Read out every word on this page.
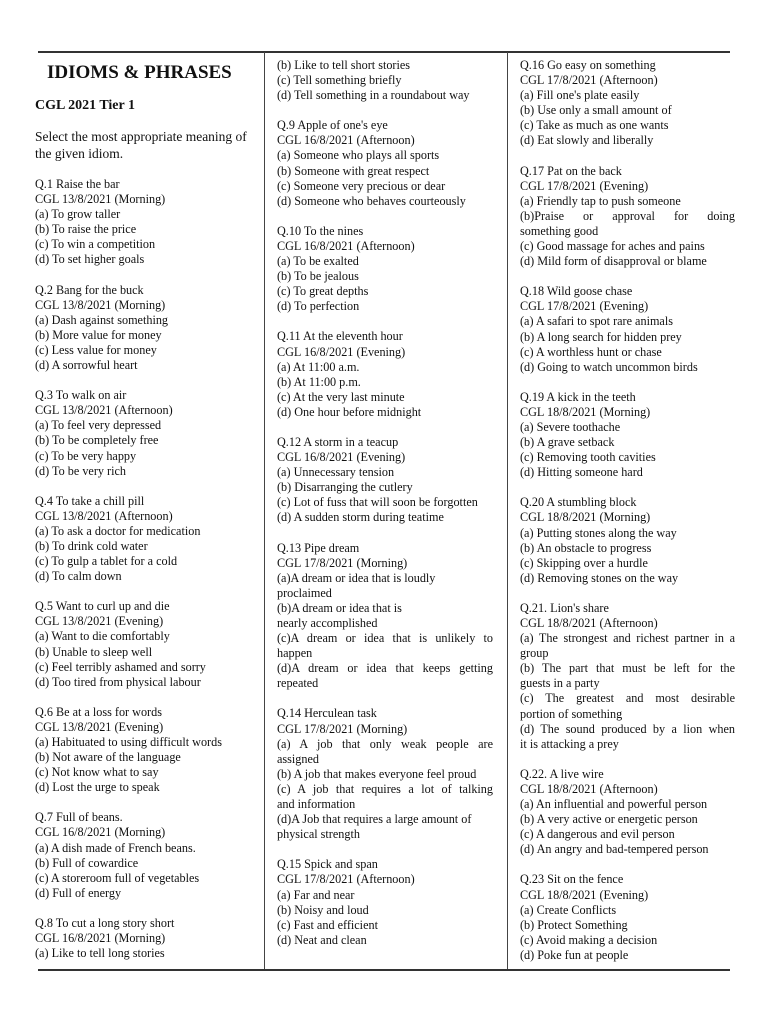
IDIOMS & PHRASES
CGL 2021 Tier 1
Select the most appropriate meaning of the given idiom.
Q.1 Raise the bar
CGL 13/8/2021 (Morning)
(a) To grow taller
(b) To raise the price
(c) To win a competition
(d) To set higher goals
Q.2 Bang for the buck
CGL 13/8/2021 (Morning)
(a) Dash against something
(b) More value for money
(c) Less value for money
(d) A sorrowful heart
Q.3 To walk on air
CGL 13/8/2021 (Afternoon)
(a) To feel very depressed
(b) To be completely free
(c) To be very happy
(d) To be very rich
Q.4 To take a chill pill
CGL 13/8/2021 (Afternoon)
(a) To ask a doctor for medication
(b) To drink cold water
(c) To gulp a tablet for a cold
(d) To calm down
Q.5 Want to curl up and die
CGL 13/8/2021 (Evening)
(a) Want to die comfortably
(b) Unable to sleep well
(c) Feel terribly ashamed and sorry
(d) Too tired from physical labour
Q.6 Be at a loss for words
CGL 13/8/2021 (Evening)
(a) Habituated to using difficult words
(b) Not aware of the language
(c) Not know what to say
(d) Lost the urge to speak
Q.7 Full of beans.
CGL 16/8/2021 (Morning)
(a) A dish made of French beans.
(b) Full of cowardice
(c) A storeroom full of vegetables
(d) Full of energy
Q.8 To cut a long story short
CGL 16/8/2021 (Morning)
(a) Like to tell long stories
(b) Like to tell short stories
(c) Tell something briefly
(d) Tell something in a roundabout way
Q.9 Apple of one's eye
CGL 16/8/2021 (Afternoon)
(a) Someone who plays all sports
(b) Someone with great respect
(c) Someone very precious or dear
(d) Someone who behaves courteously
Q.10 To the nines
CGL 16/8/2021 (Afternoon)
(a) To be exalted
(b) To be jealous
(c) To great depths
(d) To perfection
Q.11 At the eleventh hour
CGL 16/8/2021 (Evening)
(a) At 11:00 a.m.
(b) At 11:00 p.m.
(c) At the very last minute
(d) One hour before midnight
Q.12 A storm in a teacup
CGL 16/8/2021 (Evening)
(a) Unnecessary tension
(b) Disarranging the cutlery
(c) Lot of fuss that will soon be forgotten
(d) A sudden storm during teatime
Q.13 Pipe dream
CGL 17/8/2021 (Morning)
(a)A dream or idea that is loudly
proclaimed
(b)A dream or idea that is
nearly accomplished
(c)A dream or idea that is unlikely to
happen
(d)A dream or idea that keeps getting
repeated
Q.14 Herculean task
CGL 17/8/2021 (Morning)
(a) A job that only weak people are
assigned
(b) A job that makes everyone feel proud
(c) A job that requires a lot of talking
and information
(d)A Job that requires a large amount of
physical strength
Q.15 Spick and span
CGL 17/8/2021 (Afternoon)
(a) Far and near
(b) Noisy and loud
(c) Fast and efficient
(d) Neat and clean
Q.16 Go easy on something
CGL 17/8/2021 (Afternoon)
(a) Fill one's plate easily
(b) Use only a small amount of
(c) Take as much as one wants
(d) Eat slowly and liberally
Q.17 Pat on the back
CGL 17/8/2021 (Evening)
(a) Friendly tap to push someone
(b)Praise or approval for doing
something good
(c) Good massage for aches and pains
(d) Mild form of disapproval or blame
Q.18 Wild goose chase
CGL 17/8/2021 (Evening)
(a) A safari to spot rare animals
(b) A long search for hidden prey
(c) A worthless hunt or chase
(d) Going to watch uncommon birds
Q.19 A kick in the teeth
CGL 18/8/2021 (Morning)
(a) Severe toothache
(b) A grave setback
(c) Removing tooth cavities
(d) Hitting someone hard
Q.20 A stumbling block
CGL 18/8/2021 (Morning)
(a) Putting stones along the way
(b) An obstacle to progress
(c) Skipping over a hurdle
(d) Removing stones on the way
Q.21. Lion's share
CGL 18/8/2021 (Afternoon)
(a) The strongest and richest partner in a
group
(b) The part that must be left for the
guests in a party
(c) The greatest and most desirable
portion of something
(d) The sound produced by a lion when
it is attacking a prey
Q.22. A live wire
CGL 18/8/2021 (Afternoon)
(a) An influential and powerful person
(b) A very active or energetic person
(c) A dangerous and evil person
(d) An angry and bad-tempered person
Q.23 Sit on the fence
CGL 18/8/2021 (Evening)
(a) Create Conflicts
(b) Protect Something
(c) Avoid making a decision
(d) Poke fun at people
